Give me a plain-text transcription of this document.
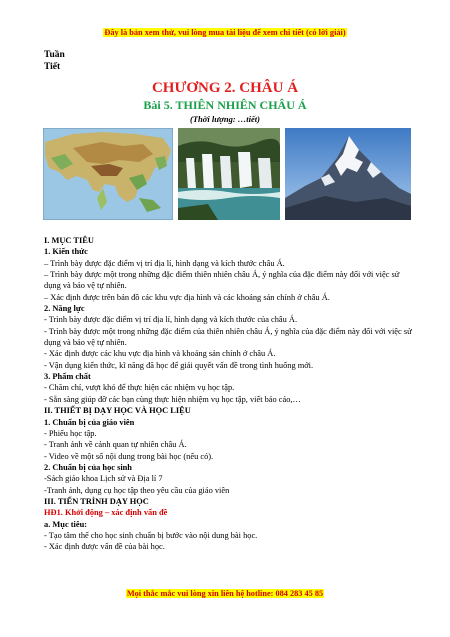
Đây là bản xem thử, vui lòng mua tài liệu để xem chi tiết (có lời giải)
Tuần
Tiết
CHƯƠNG 2. CHÂU Á
Bài 5. THIÊN NHIÊN CHÂU Á
(Thời lượng: …tiết)
I. MỤC TIÊU
1. Kiến thức
– Trình bày được đặc điểm vị trí địa lí, hình dạng và kích thước châu Á.
– Trình bày được một trong những đặc điểm thiên nhiên châu Á, ý nghĩa của đặc điểm này đối với việc sử dụng và bảo vệ tự nhiên.
– Xác định được trên bản đồ các khu vực địa hình và các khoáng sản chính ở châu Á.
2. Năng lực
- Trình bày được đặc điểm vị trí địa lí, hình dạng và kích thước của châu Á.
- Trình bày được một trong những đặc điểm của thiên nhiên châu Á, ý nghĩa của đặc điểm này đối với việc sử dụng và bảo vệ tự nhiên.
- Xác định được các khu vực địa hình và khoáng sản chính ở châu Á.
- Vận dụng kiến thức, kĩ năng đã học để giải quyết vấn đề trong tình huống mới.
3. Phẩm chất
- Chăm chỉ, vượt khó để thực hiện các nhiệm vụ học tập.
- Sẵn sàng giúp đỡ các bạn cùng thực hiện nhiệm vụ học tập, viết báo cáo,…
II. THIẾT BỊ DẠY HỌC VÀ HỌC LIỆU
1. Chuẩn bị của giáo viên
- Phiếu học tập.
- Tranh ảnh về cảnh quan tự nhiên châu Á.
- Video về một số nội dung trong bài học (nếu có).
2. Chuẩn bị của học sinh
-Sách giáo khoa Lịch sử và Địa lí 7
-Tranh ảnh, dụng cụ học tập theo yêu cầu của giáo viên
III. TIẾN TRÌNH DẠY HỌC
HĐ1. Khởi động – xác định vấn đề
a. Mục tiêu:
- Tạo tâm thế cho học sinh chuẩn bị bước vào nội dung bài học.
- Xác định được vấn đề của bài học.
Mọi thắc mắc vui lòng xin liên hệ hotline: 084 283 45 85
